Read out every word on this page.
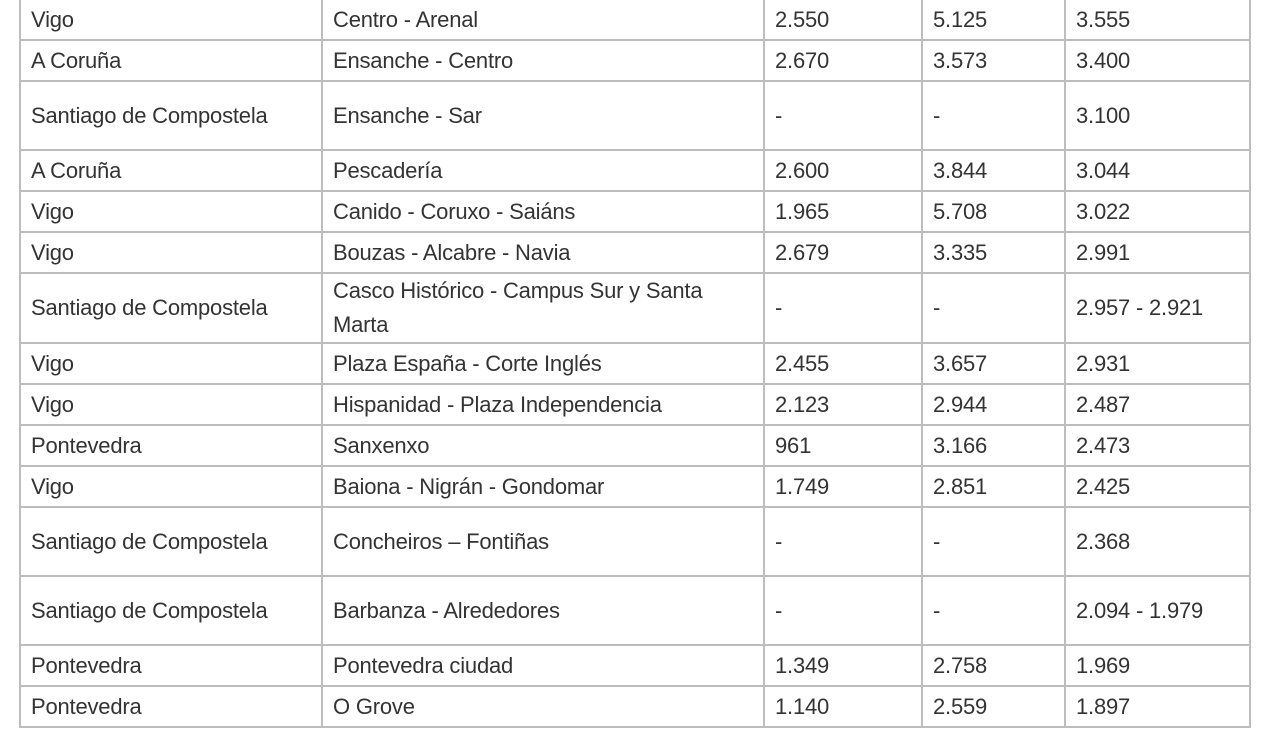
Vigo	Centro - Arenal	2.550	5.125	3.555
A Coruña	Ensanche - Centro	2.670	3.573	3.400
Santiago de Compostela	Ensanche - Sar	-	-	3.100
A Coruña	Pescadería	2.600	3.844	3.044
Vigo	Canido - Coruxo - Saiáns	1.965	5.708	3.022
Vigo	Bouzas - Alcabre - Navia	2.679	3.335	2.991
Santiago de Compostela	Casco Histórico - Campus Sur y Santa Marta	-	-	2.957 - 2.921
Vigo	Plaza España - Corte Inglés	2.455	3.657	2.931
Vigo	Hispanidad - Plaza Independencia	2.123	2.944	2.487
Pontevedra	Sanxenxo	961	3.166	2.473
Vigo	Baiona - Nigrán - Gondomar	1.749	2.851	2.425
Santiago de Compostela	Concheiros – Fontiñas	-	-	2.368
Santiago de Compostela	Barbanza - Alrededores	-	-	2.094 - 1.979
Pontevedra	Pontevedra ciudad	1.349	2.758	1.969
Pontevedra	O Grove	1.140	2.559	1.897
